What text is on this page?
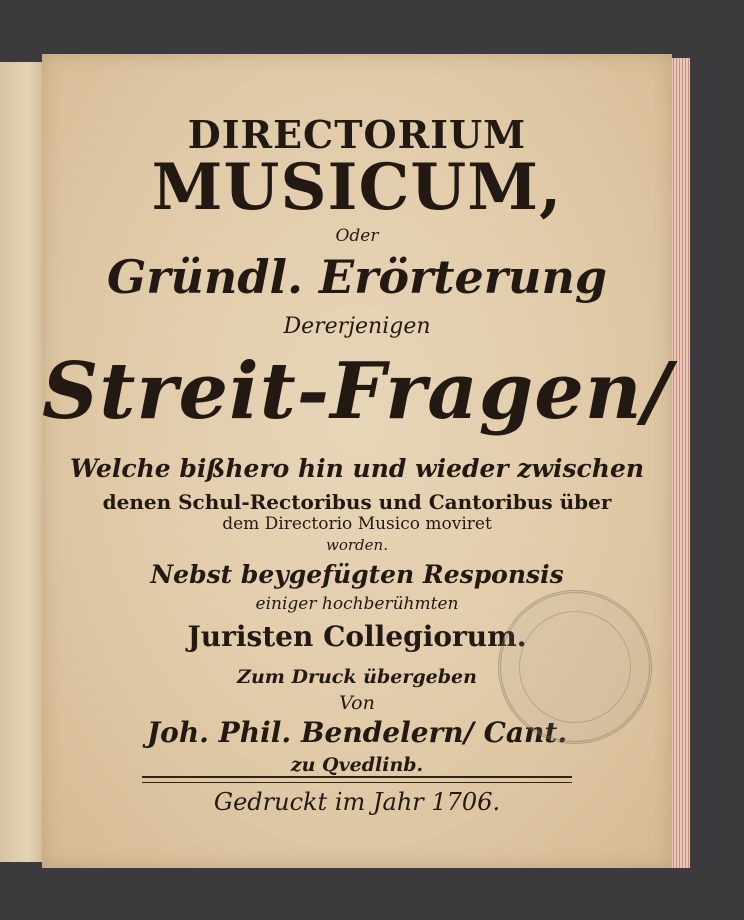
DIRECTORIUM
MUSICUM,
Oder
Gründl. Erörterung
Dererjenigen
Streit-Fragen/
Welche bißhero hin und wieder zwischen
denen Schul-Rectoribus und Cantoribus über
dem Directorio Musico moviret
worden.
Nebst beygefügten Responsis
einiger hochberühmten
Juristen Collegiorum.
Zum Druck übergeben
Von
Joh. Phil. Bendelern/ Cant.
zu Qvedlinb.
Gedruckt im Jahr 1706.
